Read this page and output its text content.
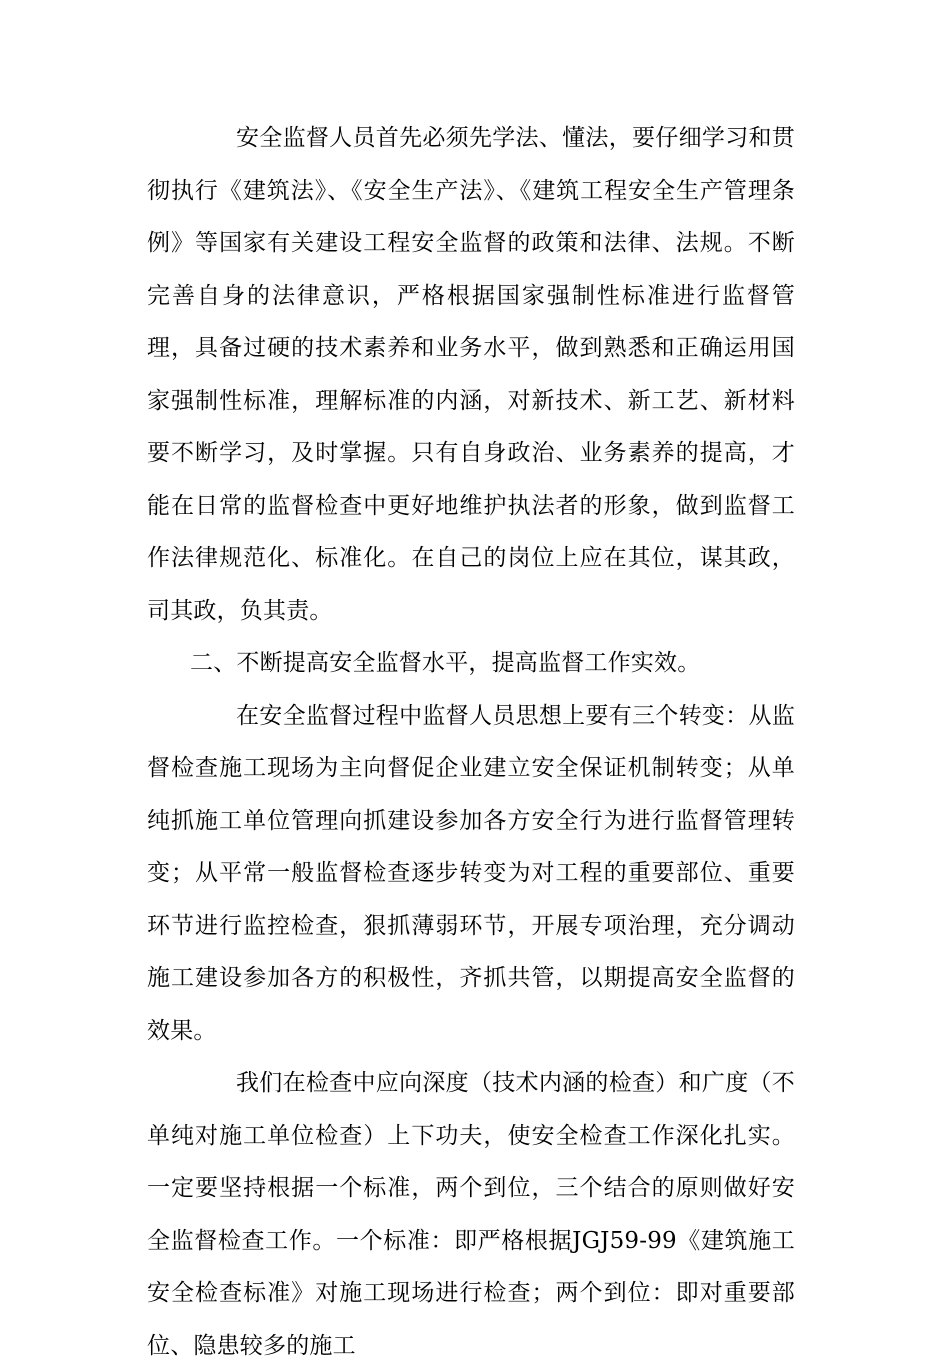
安全监督人员首先必须先学法、懂法，要仔细学习和贯彻执行《建筑法》、《安全生产法》、《建筑工程安全生产管理条例》等国家有关建设工程安全监督的政策和法律、法规。不断完善自身的法律意识，严格根据国家强制性标准进行监督管理，具备过硬的技术素养和业务水平，做到熟悉和正确运用国家强制性标准，理解标准的内涵，对新技术、新工艺、新材料要不断学习，及时掌握。只有自身政治、业务素养的提高，才能在日常的监督检查中更好地维护执法者的形象，做到监督工作法律规范化、标准化。在自己的岗位上应在其位，谋其政，司其政，负其责。

二、不断提高安全监督水平，提高监督工作实效。

在安全监督过程中监督人员思想上要有三个转变：从监督检查施工现场为主向督促企业建立安全保证机制转变；从单纯抓施工单位管理向抓建设参加各方安全行为进行监督管理转变；从平常一般监督检查逐步转变为对工程的重要部位、重要环节进行监控检查，狠抓薄弱环节，开展专项治理，充分调动施工建设参加各方的积极性，齐抓共管，以期提高安全监督的效果。

我们在检查中应向深度（技术内涵的检查）和广度（不单纯对施工单位检查）上下功夫，使安全检查工作深化扎实。一定要坚持根据一个标准，两个到位，三个结合的原则做好安全监督检查工作。一个标准：即严格根据JGJ59-99《建筑施工安全检查标准》对施工现场进行检查；两个到位：即对重要部位、隐患较多的施工
